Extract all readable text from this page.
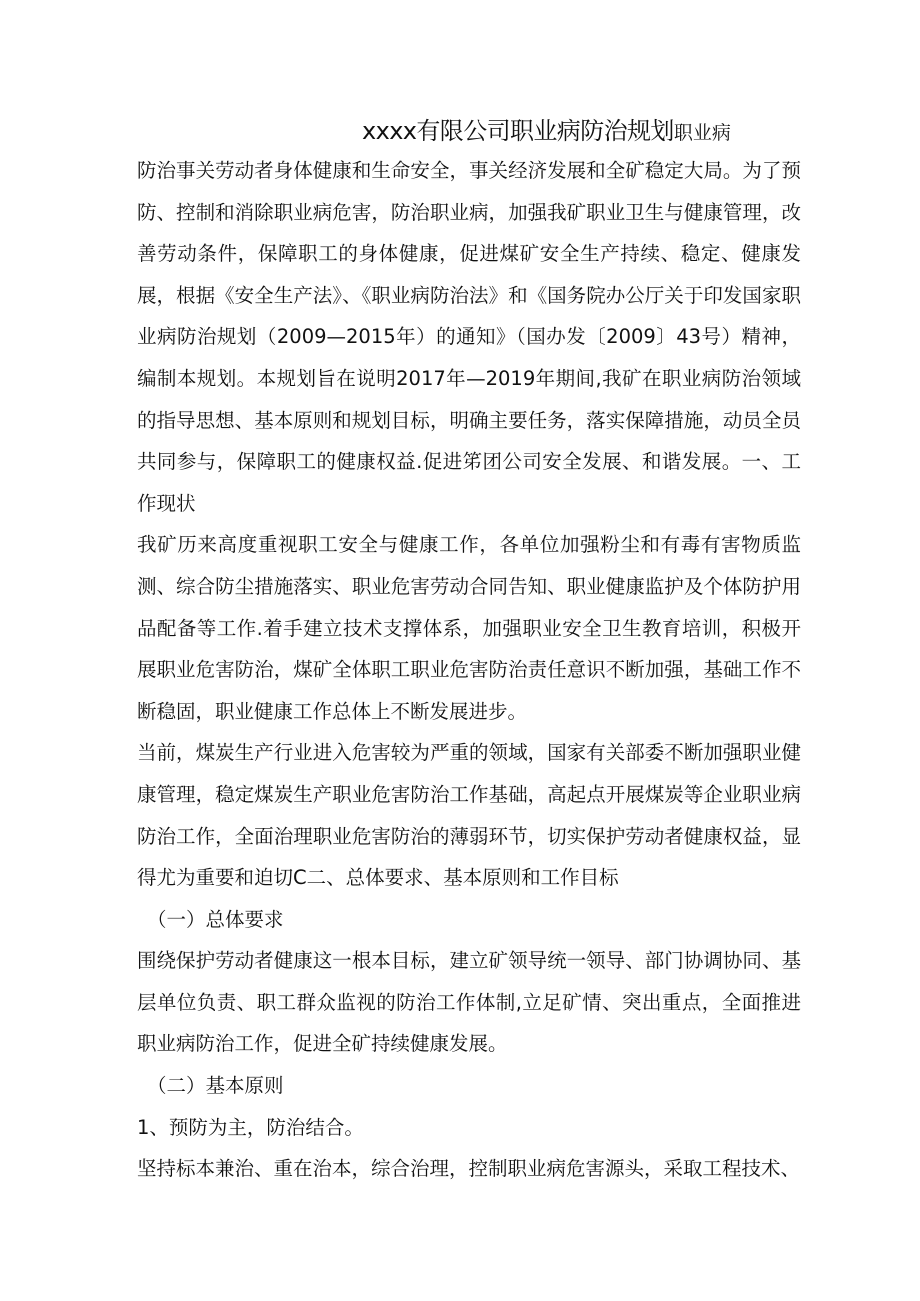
xxxx有限公司职业病防治规划职业病

防治事关劳动者身体健康和生命安全，事关经济发展和全矿稳定大局。为了预防、控制和消除职业病危害，防治职业病，加强我矿职业卫生与健康管理，改善劳动条件，保障职工的身体健康，促进煤矿安全生产持续、稳定、健康发展，根据《安全生产法》、《职业病防治法》和《国务院办公厅关于印发国家职业病防治规划（2009—2015年）的通知》（国办发〔2009〕43号）精神，编制本规划。本规划旨在说明2017年—2019年期间,我矿在职业病防治领域的指导思想、基本原则和规划目标，明确主要任务，落实保障措施，动员全员共同参与，保障职工的健康权益.促进笫团公司安全发展、和谐发展。一、工作现状

我矿历来高度重视职工安全与健康工作，各单位加强粉尘和有毒有害物质监测、综合防尘措施落实、职业危害劳动合同告知、职业健康监护及个体防护用品配备等工作.着手建立技术支撑体系，加强职业安全卫生教育培训，积极开展职业危害防治，煤矿全体职工职业危害防治责任意识不断加强，基础工作不断稳固，职业健康工作总体上不断发展进步。

当前，煤炭生产行业进入危害较为严重的领域，国家有关部委不断加强职业健康管理，稳定煤炭生产职业危害防治工作基础，高起点开展煤炭等企业职业病防治工作，全面治理职业危害防治的薄弱环节，切实保护劳动者健康权益，显得尤为重要和迫切C二、总体要求、基本原则和工作目标

（一）总体要求

围绕保护劳动者健康这一根本目标，建立矿领导统一领导、部门协调协同、基层单位负责、职工群众监视的防治工作体制,立足矿情、突出重点，全面推进职业病防治工作，促进全矿持续健康发展。

（二）基本原则

1、预防为主，防治结合。

坚持标本兼治、重在治本，综合治理，控制职业病危害源头，采取工程技术、
